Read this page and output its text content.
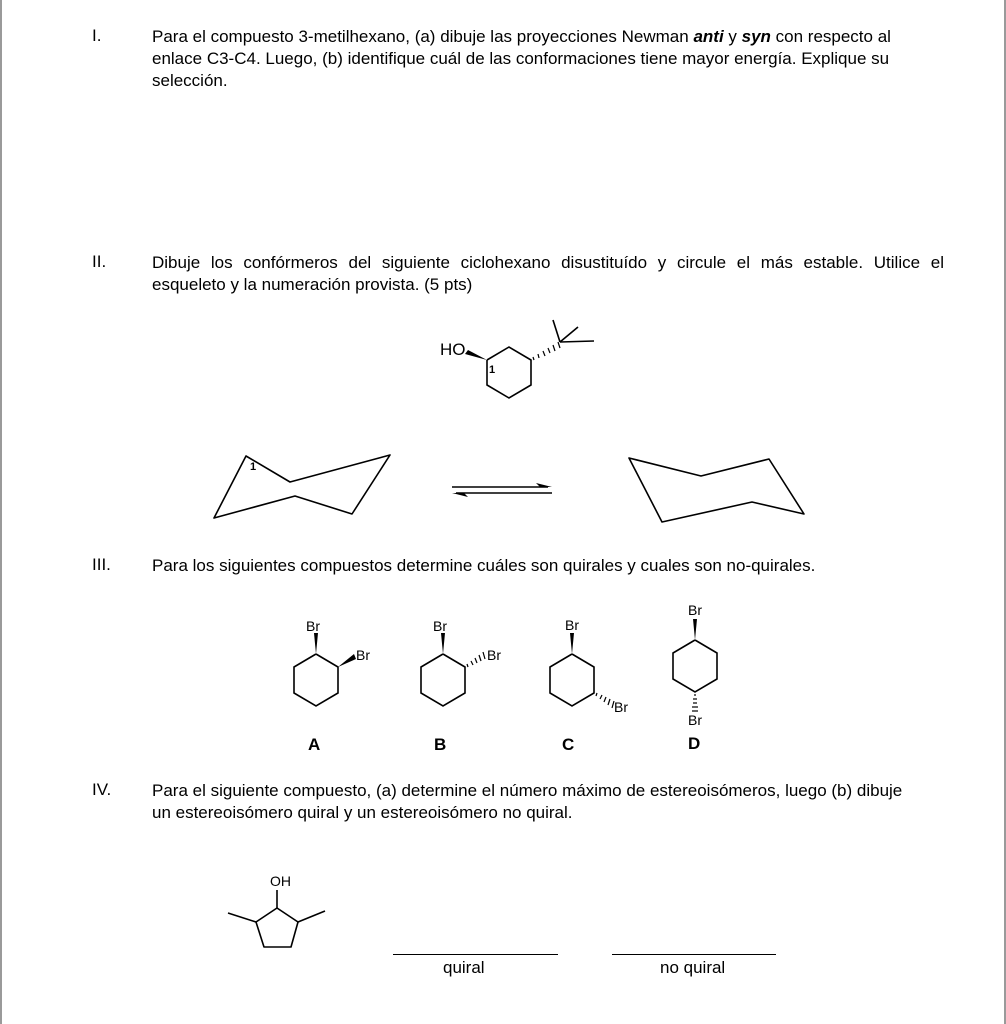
I.	Para el compuesto 3-metilhexano, (a) dibuje las proyecciones Newman anti y syn con respecto al enlace C3-C4. Luego, (b) identifique cuál de las conformaciones tiene mayor energía. Explique su selección.
II.	Dibuje los confórmeros del siguiente ciclohexano disustituído y circule el más estable. Utilice el esqueleto y la numeración provista. (5 pts)
HO
1
1
III. Para los siguientes compuestos determine cuáles son quirales y cuales son no-quirales.
Br
Br
A
Br
Br
B
Br
Br
C
Br
Br
D
IV. Para el siguiente compuesto, (a) determine el número máximo de estereoisómeros, luego (b) dibuje un estereoisómero quiral y un estereoisómero no quiral.
OH
quiral	no quiral
